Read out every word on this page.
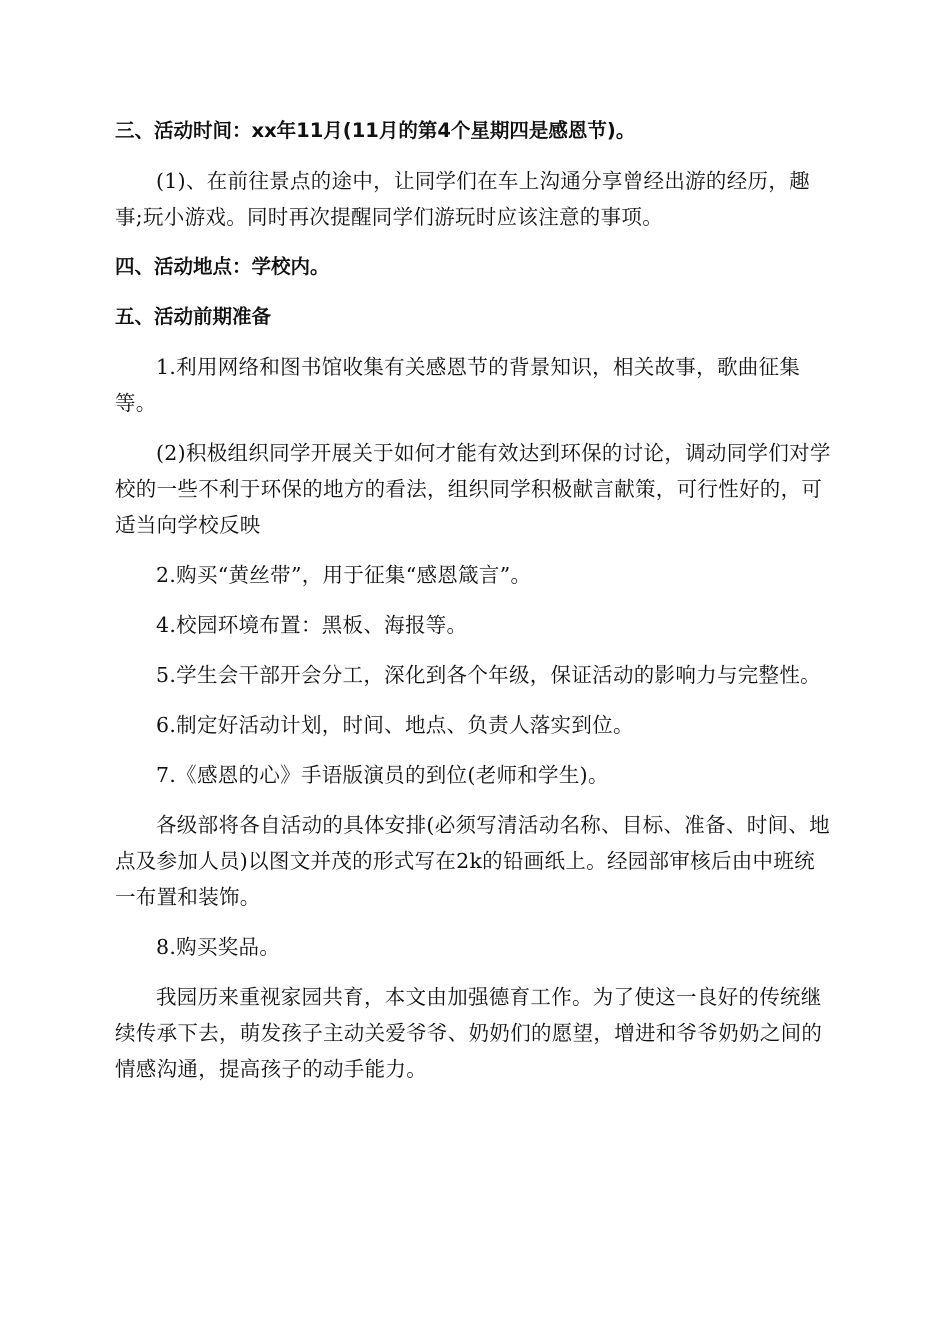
三、活动时间：xx年11月(11月的第4个星期四是感恩节)。
(1)、在前往景点的途中，让同学们在车上沟通分享曾经出游的经历，趣事;玩小游戏。同时再次提醒同学们游玩时应该注意的事项。
四、活动地点：学校内。
五、活动前期准备
1.利用网络和图书馆收集有关感恩节的背景知识，相关故事，歌曲征集等。
(2)积极组织同学开展关于如何才能有效达到环保的讨论，调动同学们对学校的一些不利于环保的地方的看法，组织同学积极献言献策，可行性好的，可适当向学校反映
2.购买“黄丝带”，用于征集“感恩箴言”。
4.校园环境布置：黑板、海报等。
5.学生会干部开会分工，深化到各个年级，保证活动的影响力与完整性。
6.制定好活动计划，时间、地点、负责人落实到位。
7.《感恩的心》手语版演员的到位(老师和学生)。
各级部将各自活动的具体安排(必须写清活动名称、目标、准备、时间、地点及参加人员)以图文并茂的形式写在2k的铅画纸上。经园部审核后由中班统一布置和装饰。
8.购买奖品。
我园历来重视家园共育，本文由加强德育工作。为了使这一良好的传统继续传承下去，萌发孩子主动关爱爷爷、奶奶们的愿望，增进和爷爷奶奶之间的情感沟通，提高孩子的动手能力。
